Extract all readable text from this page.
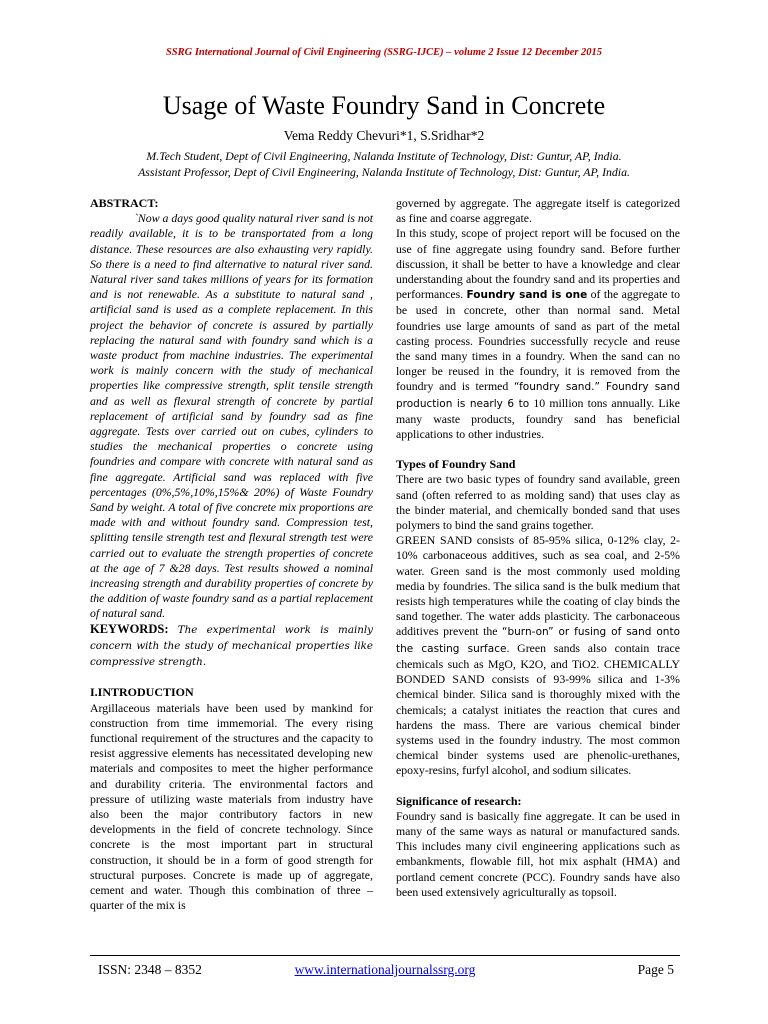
SSRG International Journal of Civil Engineering (SSRG-IJCE) – volume 2 Issue 12 December 2015
Usage of Waste Foundry Sand in Concrete
Vema Reddy Chevuri*1, S.Sridhar*2
M.Tech Student, Dept of Civil Engineering, Nalanda Institute of Technology, Dist: Guntur, AP, India.
Assistant Professor, Dept of Civil Engineering, Nalanda Institute of Technology, Dist: Guntur, AP, India.
ABSTRACT:

`Now a days good quality natural river sand is not readily available, it is to be transportated from a long distance. These resources are also exhausting very rapidly. So there is a need to find alternative to natural river sand. Natural river sand takes millions of years for its formation and is not renewable. As a substitute to natural sand , artificial sand is used as a complete replacement. In this project the behavior of concrete is assured by partially replacing the natural sand with foundry sand which is a waste product from machine industries. The experimental work is mainly concern with the study of mechanical properties like compressive strength, split tensile strength and as well as flexural strength of concrete by partial replacement of artificial sand by foundry sad as fine aggregate. Tests over carried out on cubes, cylinders to studies the mechanical properties o concrete using foundries and compare with concrete with natural sand as fine aggregate. Artificial sand was replaced with five percentages (0%,5%,10%,15%& 20%) of Waste Foundry Sand by weight. A total of five concrete mix proportions are made with and without foundry sand. Compression test, splitting tensile strength test and flexural strength test were carried out to evaluate the strength properties of concrete at the age of 7 &28 days. Test results showed a nominal increasing strength and durability properties of concrete by the addition of waste foundry sand as a partial replacement of natural sand.

KEYWORDS: The experimental work is mainly concern with the study of mechanical properties like compressive strength.

I.INTRODUCTION

Argillaceous materials have been used by mankind for construction from time immemorial. The every rising functional requirement of the structures and the capacity to resist aggressive elements has necessitated developing new materials and composites to meet the higher performance and durability criteria. The environmental factors and pressure of utilizing waste materials from industry have also been the major contributory factors in new developments in the field of concrete technology. Since concrete is the most important part in structural construction, it should be in a form of good strength for structural purposes. Concrete is made up of aggregate, cement and water. Though this combination of three – quarter of the mix is

governed by aggregate. The aggregate itself is categorized as fine and coarse aggregate.

In this study, scope of project report will be focused on the use of fine aggregate using foundry sand. Before further discussion, it shall be better to have a knowledge and clear understanding about the foundry sand and its properties and performances. Foundry sand is one of the aggregate to be used in concrete, other than normal sand. Metal foundries use large amounts of sand as part of the metal casting process. Foundries successfully recycle and reuse the sand many times in a foundry. When the sand can no longer be reused in the foundry, it is removed from the foundry and is termed “foundry sand.” Foundry sand production is nearly 6 to 10 million tons annually. Like many waste products, foundry sand has beneficial applications to other industries.

Types of Foundry Sand

There are two basic types of foundry sand available, green sand (often referred to as molding sand) that uses clay as the binder material, and chemically bonded sand that uses polymers to bind the sand grains together.

GREEN SAND consists of 85-95% silica, 0-12% clay, 2-10% carbonaceous additives, such as sea coal, and 2-5% water. Green sand is the most commonly used molding media by foundries. The silica sand is the bulk medium that resists high temperatures while the coating of clay binds the sand together. The water adds plasticity. The carbonaceous additives prevent the “burn-on” or fusing of sand onto the casting surface. Green sands also contain trace chemicals such as MgO, K2O, and TiO2. CHEMICALLY BONDED SAND consists of 93-99% silica and 1-3% chemical binder. Silica sand is thoroughly mixed with the chemicals; a catalyst initiates the reaction that cures and hardens the mass. There are various chemical binder systems used in the foundry industry. The most common chemical binder systems used are phenolic-urethanes, epoxy-resins, furfyl alcohol, and sodium silicates.

Significance of research:

Foundry sand is basically fine aggregate. It can be used in many of the same ways as natural or manufactured sands. This includes many civil engineering applications such as embankments, flowable fill, hot mix asphalt (HMA) and portland cement concrete (PCC). Foundry sands have also been used extensively agriculturally as topsoil.

ISSN: 2348 – 8352	www.internationaljournalssrg.org	Page 5
